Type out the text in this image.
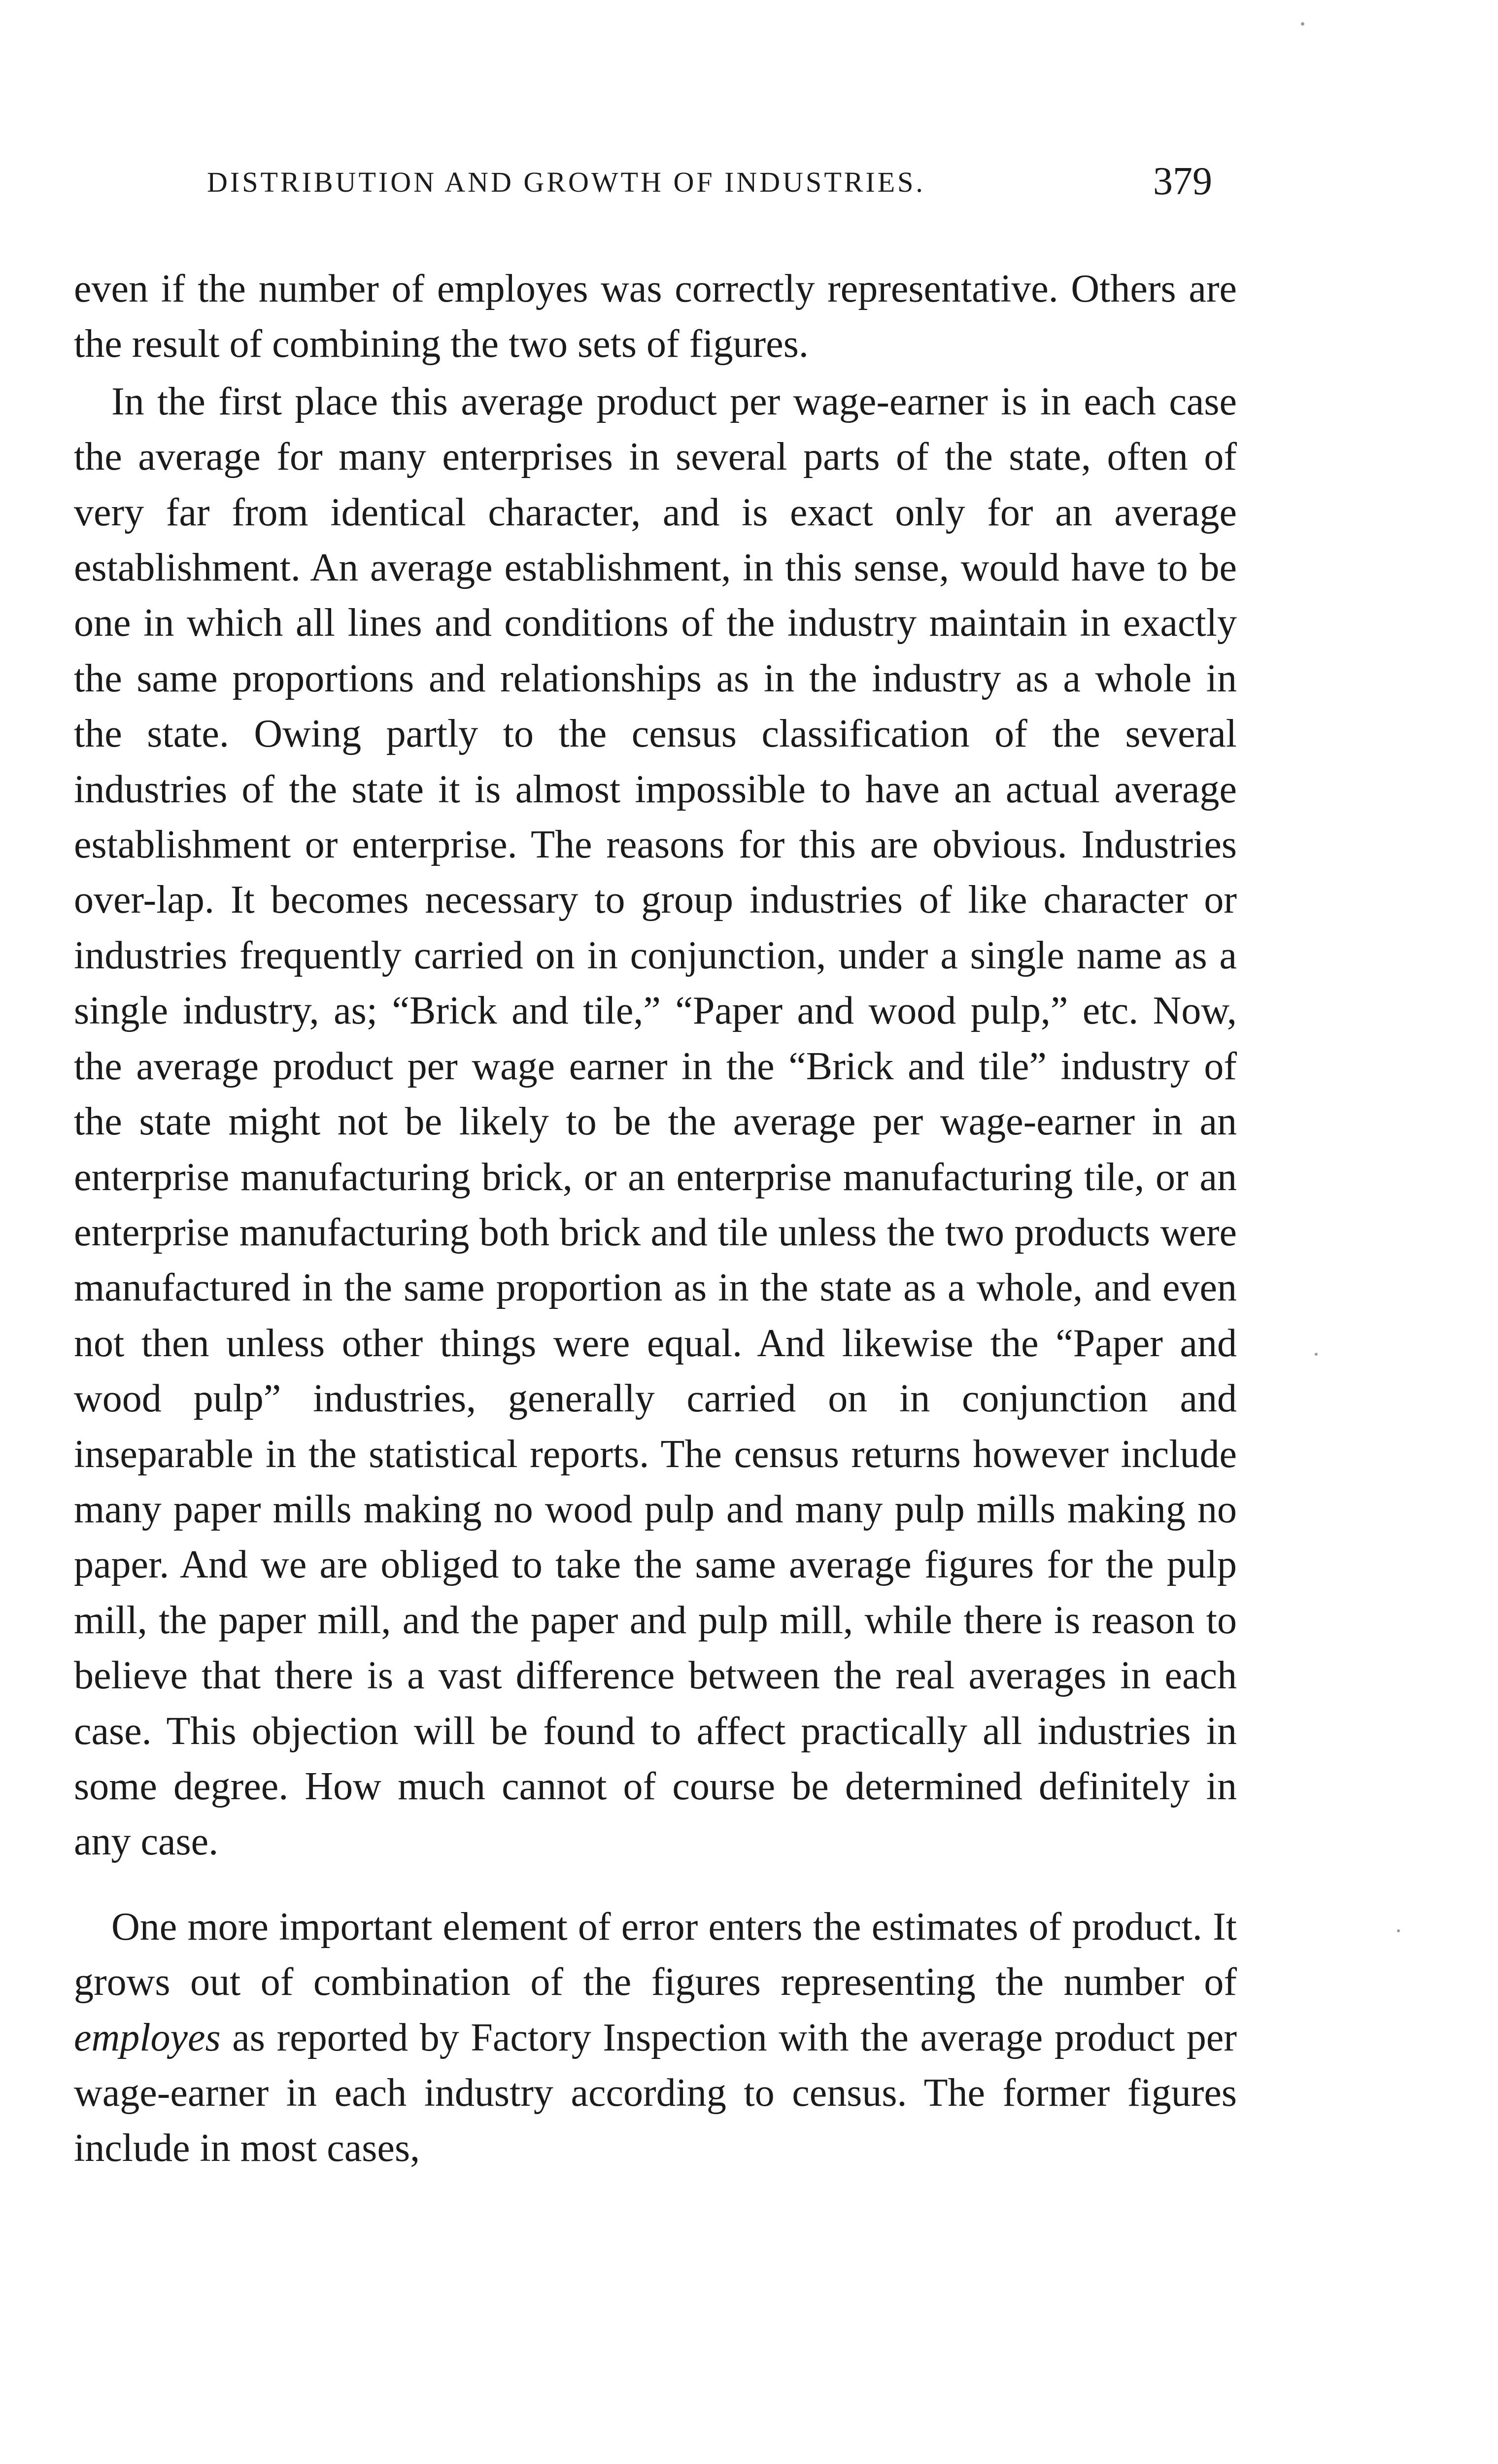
DISTRIBUTION AND GROWTH OF INDUSTRIES.	379

even if the number of employes was correctly representative. Others are the result of combining the two sets of figures.

In the first place this average product per wage-earner is in each case the average for many enterprises in several parts of the state, often of very far from identical character, and is exact only for an average establishment. An average establishment, in this sense, would have to be one in which all lines and conditions of the industry maintain in exactly the same proportions and relationships as in the industry as a whole in the state. Owing partly to the census classification of the several industries of the state it is almost impossible to have an actual average establishment or enterprise. The reasons for this are obvious. Industries over-lap. It becomes necessary to group industries of like character or industries frequently carried on in conjunction, under a single name as a single industry, as; “Brick and tile,” “Paper and wood pulp,” etc. Now, the average product per wage earner in the “Brick and tile” industry of the state might not be likely to be the average per wage-earner in an enterprise manufacturing brick, or an enterprise manufacturing tile, or an enterprise manufacturing both brick and tile unless the two products were manufactured in the same proportion as in the state as a whole, and even not then unless other things were equal. And likewise the “Paper and wood pulp” industries, generally carried on in conjunction and inseparable in the statistical reports. The census returns however include many paper mills making no wood pulp and many pulp mills making no paper. And we are obliged to take the same average figures for the pulp mill, the paper mill, and the paper and pulp mill, while there is reason to believe that there is a vast difference between the real averages in each case. This objection will be found to affect practically all industries in some degree. How much cannot of course be determined definitely in any case.

One more important element of error enters the estimates of product. It grows out of combination of the figures representing the number of employes as reported by Factory Inspection with the average product per wage-earner in each industry according to census. The former figures include in most cases,
